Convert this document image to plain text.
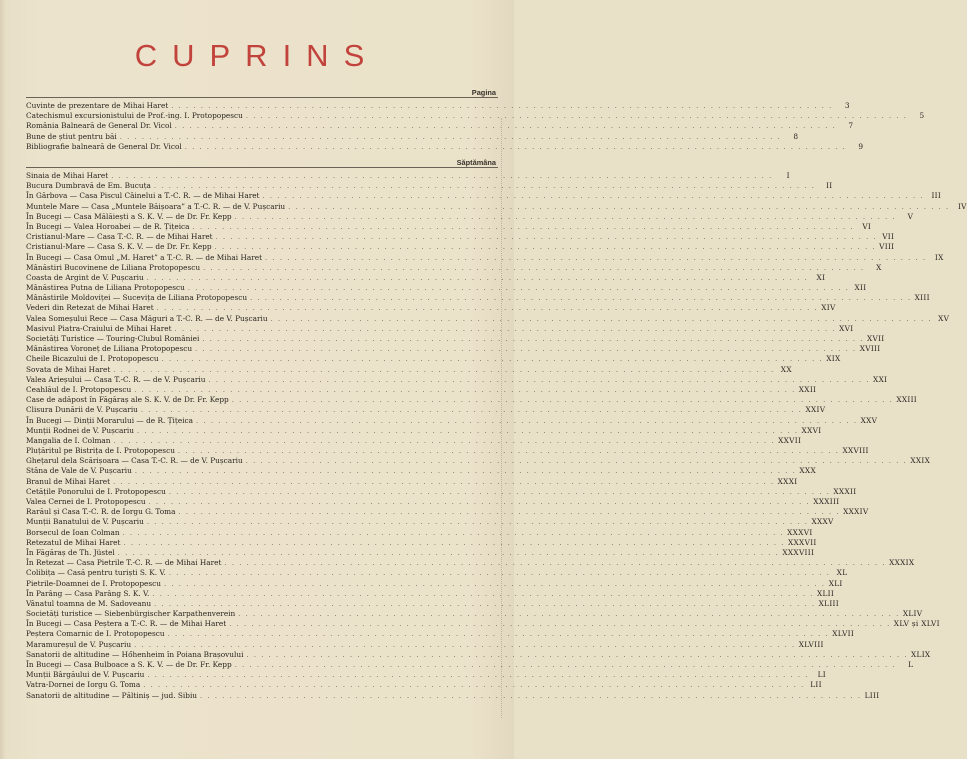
CUPRINS
Pagina
Cuvinte de prezentare de Mihai Haret . . . . . . . . . . . . . . . . . . . . . . . . . . . . . . . . . . . . . . . . . . . . . . . . . . . . . . . . . . . . . . . . . . . . . . . . . . . . . . . . . . . . . . . . . .	3
Catechismul excursionistului de Prof.-ing. I. Protopopescu . . . . . . . . . . . . . . . . . . . . . . . . . . . . . . . . . . . . . . . . . . . . . . . . . . . . . . . . . . . . . . . . . . . . . . . . . . . . . . . . . . . . . . . . . .	5
România Balneară de General Dr. Vicol . . . . . . . . . . . . . . . . . . . . . . . . . . . . . . . . . . . . . . . . . . . . . . . . . . . . . . . . . . . . . . . . . . . . . . . . . . . . . . . . . . . . . . . . . .	7
Bune de știut pentru băi . . . . . . . . . . . . . . . . . . . . . . . . . . . . . . . . . . . . . . . . . . . . . . . . . . . . . . . . . . . . . . . . . . . . . . . . . . . . . . . . . . . . . . . . . .	8
Bibliografie balneară de General Dr. Vicol . . . . . . . . . . . . . . . . . . . . . . . . . . . . . . . . . . . . . . . . . . . . . . . . . . . . . . . . . . . . . . . . . . . . . . . . . . . . . . . . . . . . . . . . . .	9
Săptămâna
Sinaia de Mihai Haret . . . . . . . . . . . . . . . . . . . . . . . . . . . . . . . . . . . . . . . . . . . . . . . . . . . . . . . . . . . . . . . . . . . . . . . . . . . . . . . . . . . . . . . . . .	I
Bucura Dumbravă de Em. Bucuța . . . . . . . . . . . . . . . . . . . . . . . . . . . . . . . . . . . . . . . . . . . . . . . . . . . . . . . . . . . . . . . . . . . . . . . . . . . . . . . . . . . . . . . . . .	II
În Gârbova — Casa Piscul Câinelui a T.-C. R. — de Mihai Haret . . . . . . . . . . . . . . . . . . . . . . . . . . . . . . . . . . . . . . . . . . . . . . . . . . . . . . . . . . . . . . . . . . . . . . . . . . . . . . . . . . . . . . . . . .	III
Muntele Mare — Casa „Muntele Băișoara” a T.-C. R. — de V. Pușcariu . . . . . . . . . . . . . . . . . . . . . . . . . . . . . . . . . . . . . . . . . . . . . . . . . . . . . . . . . . . . . . . . . . . . . . . . . . . . . . . . . . . . . . . . . .	IV
În Bucegi — Casa Mălăiești a S. K. V. — de Dr. Fr. Kepp . . . . . . . . . . . . . . . . . . . . . . . . . . . . . . . . . . . . . . . . . . . . . . . . . . . . . . . . . . . . . . . . . . . . . . . . . . . . . . . . . . . . . . . . . .	V
În Bucegi — Valea Horoabei — de R. Țițeica . . . . . . . . . . . . . . . . . . . . . . . . . . . . . . . . . . . . . . . . . . . . . . . . . . . . . . . . . . . . . . . . . . . . . . . . . . . . . . . . . . . . . . . . . .	VI
Cristianul-Mare — Casa T.-C. R. — de Mihai Haret . . . . . . . . . . . . . . . . . . . . . . . . . . . . . . . . . . . . . . . . . . . . . . . . . . . . . . . . . . . . . . . . . . . . . . . . . . . . . . . . . . . . . . . . . . VII
Cristianul-Mare — Casa S. K. V. — de Dr. Fr. Kepp . . . . . . . . . . . . . . . . . . . . . . . . . . . . . . . . . . . . . . . . . . . . . . . . . . . . . . . . . . . . . . . . . . . . . . . . . . . . . . . . . . . . . . . . . . VIII
În Bucegi — Casa Omul „M. Haret” a T.-C. R. — de Mihai Haret . . . . . . . . . . . . . . . . . . . . . . . . . . . . . . . . . . . . . . . . . . . . . . . . . . . . . . . . . . . . . . . . . . . . . . . . . . . . . . . . . . . . . . . . . .	IX
Mânăstiri Bucovinene de Liliana Protopopescu . . . . . . . . . . . . . . . . . . . . . . . . . . . . . . . . . . . . . . . . . . . . . . . . . . . . . . . . . . . . . . . . . . . . . . . . . . . . . . . . . . . . . . . . . .	X
Coasta de Argint de V. Pușcariu . . . . . . . . . . . . . . . . . . . . . . . . . . . . . . . . . . . . . . . . . . . . . . . . . . . . . . . . . . . . . . . . . . . . . . . . . . . . . . . . . . . . . . . . . .	XI
Mânăstirea Putna de Liliana Protopopescu . . . . . . . . . . . . . . . . . . . . . . . . . . . . . . . . . . . . . . . . . . . . . . . . . . . . . . . . . . . . . . . . . . . . . . . . . . . . . . . . . . . . . . . . . . XII
Mânăstirile Moldoviței — Sucevița de Liliana Protopopescu . . . . . . . . . . . . . . . . . . . . . . . . . . . . . . . . . . . . . . . . . . . . . . . . . . . . . . . . . . . . . . . . . . . . . . . . . . . . . . . . . . . . . . . . . . XIII
Vederi din Retezat de Mihai Haret . . . . . . . . . . . . . . . . . . . . . . . . . . . . . . . . . . . . . . . . . . . . . . . . . . . . . . . . . . . . . . . . . . . . . . . . . . . . . . . . . . . . . . . . . . XIV
Valea Someșului Rece — Casa Măguri a T.-C. R. — de V. Pușcariu . . . . . . . . . . . . . . . . . . . . . . . . . . . . . . . . . . . . . . . . . . . . . . . . . . . . . . . . . . . . . . . . . . . . . . . . . . . . . . . . . . . . . . . . . . XV
Masivul Piatra-Craiului de Mihai Haret . . . . . . . . . . . . . . . . . . . . . . . . . . . . . . . . . . . . . . . . . . . . . . . . . . . . . . . . . . . . . . . . . . . . . . . . . . . . . . . . . . . . . . . . . . XVI
Societăți Turistice — Touring-Clubul României . . . . . . . . . . . . . . . . . . . . . . . . . . . . . . . . . . . . . . . . . . . . . . . . . . . . . . . . . . . . . . . . . . . . . . . . . . . . . . . . . . . . . . . . . . XVII
Mânăstirea Voroneț de Liliana Protopopescu . . . . . . . . . . . . . . . . . . . . . . . . . . . . . . . . . . . . . . . . . . . . . . . . . . . . . . . . . . . . . . . . . . . . . . . . . . . . . . . . . . . . . . . . . . XVIII
Cheile Bicazului de I. Protopopescu . . . . . . . . . . . . . . . . . . . . . . . . . . . . . . . . . . . . . . . . . . . . . . . . . . . . . . . . . . . . . . . . . . . . . . . . . . . . . . . . . . . . . . . . . . XIX
Sovata de Mihai Haret . . . . . . . . . . . . . . . . . . . . . . . . . . . . . . . . . . . . . . . . . . . . . . . . . . . . . . . . . . . . . . . . . . . . . . . . . . . . . . . . . . . . . . . . . . XX
Valea Arieșului — Casa T.-C. R. — de V. Pușcariu . . . . . . . . . . . . . . . . . . . . . . . . . . . . . . . . . . . . . . . . . . . . . . . . . . . . . . . . . . . . . . . . . . . . . . . . . . . . . . . . . . . . . . . . . . XXI
Ceahlăul de I. Protopopescu . . . . . . . . . . . . . . . . . . . . . . . . . . . . . . . . . . . . . . . . . . . . . . . . . . . . . . . . . . . . . . . . . . . . . . . . . . . . . . . . . . . . . . . . . . XXII
Case de adăpost în Făgăraș ale S. K. V. de Dr. Fr. Kepp . . . . . . . . . . . . . . . . . . . . . . . . . . . . . . . . . . . . . . . . . . . . . . . . . . . . . . . . . . . . . . . . . . . . . . . . . . . . . . . . . . . . . . . . . . XXIII
Clisura Dunării de V. Pușcariu . . . . . . . . . . . . . . . . . . . . . . . . . . . . . . . . . . . . . . . . . . . . . . . . . . . . . . . . . . . . . . . . . . . . . . . . . . . . . . . . . . . . . . . . . . XXIV
În Bucegi — Dinții Morarului — de R. Țițeica . . . . . . . . . . . . . . . . . . . . . . . . . . . . . . . . . . . . . . . . . . . . . . . . . . . . . . . . . . . . . . . . . . . . . . . . . . . . . . . . . . . . . . . . . . XXV
Munții Rodnei de V. Pușcariu . . . . . . . . . . . . . . . . . . . . . . . . . . . . . . . . . . . . . . . . . . . . . . . . . . . . . . . . . . . . . . . . . . . . . . . . . . . . . . . . . . . . . . . . . . XXVI
Mangalia de I. Colman . . . . . . . . . . . . . . . . . . . . . . . . . . . . . . . . . . . . . . . . . . . . . . . . . . . . . . . . . . . . . . . . . . . . . . . . . . . . . . . . . . . . . . . . . . XXVII
Pluțăritul pe Bistrița de I. Protopopescu . . . . . . . . . . . . . . . . . . . . . . . . . . . . . . . . . . . . . . . . . . . . . . . . . . . . . . . . . . . . . . . . . . . . . . . . . . . . . . . . . . . . . . . . . . XXVIII
Ghețarul dela Scărișoara — Casa T.-C. R. — de V. Pușcariu . . . . . . . . . . . . . . . . . . . . . . . . . . . . . . . . . . . . . . . . . . . . . . . . . . . . . . . . . . . . . . . . . . . . . . . . . . . . . . . . . . . . . . . . . . XXIX
Stâna de Vale de V. Pușcariu . . . . . . . . . . . . . . . . . . . . . . . . . . . . . . . . . . . . . . . . . . . . . . . . . . . . . . . . . . . . . . . . . . . . . . . . . . . . . . . . . . . . . . . . . . XXX
Branul de Mihai Haret . . . . . . . . . . . . . . . . . . . . . . . . . . . . . . . . . . . . . . . . . . . . . . . . . . . . . . . . . . . . . . . . . . . . . . . . . . . . . . . . . . . . . . . . . . XXXI
Cetățile Ponorului de I. Protopopescu . . . . . . . . . . . . . . . . . . . . . . . . . . . . . . . . . . . . . . . . . . . . . . . . . . . . . . . . . . . . . . . . . . . . . . . . . . . . . . . . . . . . . . . . . . XXXII
Valea Cernei de I. Protopopescu . . . . . . . . . . . . . . . . . . . . . . . . . . . . . . . . . . . . . . . . . . . . . . . . . . . . . . . . . . . . . . . . . . . . . . . . . . . . . . . . . . . . . . . . . . XXXIII
Rarăul și Casa T.-C. R. de Iorgu G. Toma . . . . . . . . . . . . . . . . . . . . . . . . . . . . . . . . . . . . . . . . . . . . . . . . . . . . . . . . . . . . . . . . . . . . . . . . . . . . . . . . . . . . . . . . . . XXXIV
Munții Banatului de V. Pușcariu . . . . . . . . . . . . . . . . . . . . . . . . . . . . . . . . . . . . . . . . . . . . . . . . . . . . . . . . . . . . . . . . . . . . . . . . . . . . . . . . . . . . . . . . . . XXXV
Borsecul de Ioan Colman . . . . . . . . . . . . . . . . . . . . . . . . . . . . . . . . . . . . . . . . . . . . . . . . . . . . . . . . . . . . . . . . . . . . . . . . . . . . . . . . . . . . . . . . . . XXXVI
Retezatul de Mihai Haret . . . . . . . . . . . . . . . . . . . . . . . . . . . . . . . . . . . . . . . . . . . . . . . . . . . . . . . . . . . . . . . . . . . . . . . . . . . . . . . . . . . . . . . . . . XXXVII
În Făgăraș de Th. Jüstel . . . . . . . . . . . . . . . . . . . . . . . . . . . . . . . . . . . . . . . . . . . . . . . . . . . . . . . . . . . . . . . . . . . . . . . . . . . . . . . . . . . . . . . . . . XXXVIII
În Retezat — Casa Pietrile T.-C. R. — de Mihai Haret . . . . . . . . . . . . . . . . . . . . . . . . . . . . . . . . . . . . . . . . . . . . . . . . . . . . . . . . . . . . . . . . . . . . . . . . . . . . . . . . . . . . . . . . . . XXXIX
Colibița — Casă pentru turiști S. K. V. . . . . . . . . . . . . . . . . . . . . . . . . . . . . . . . . . . . . . . . . . . . . . . . . . . . . . . . . . . . . . . . . . . . . . . . . . . . . . . . . . . . . . . . . . . XL
Pietrile-Doamnei de I. Protopopescu . . . . . . . . . . . . . . . . . . . . . . . . . . . . . . . . . . . . . . . . . . . . . . . . . . . . . . . . . . . . . . . . . . . . . . . . . . . . . . . . . . . . . . . . . . XLI
În Parâng — Casa Parâng S. K. V. . . . . . . . . . . . . . . . . . . . . . . . . . . . . . . . . . . . . . . . . . . . . . . . . . . . . . . . . . . . . . . . . . . . . . . . . . . . . . . . . . . . . . . . . . . XLII
Vânatul toamna de M. Sadoveanu . . . . . . . . . . . . . . . . . . . . . . . . . . . . . . . . . . . . . . . . . . . . . . . . . . . . . . . . . . . . . . . . . . . . . . . . . . . . . . . . . . . . . . . . . . XLIII
Societăți turistice — Siebenbürgischer Karpathenverein . . . . . . . . . . . . . . . . . . . . . . . . . . . . . . . . . . . . . . . . . . . . . . . . . . . . . . . . . . . . . . . . . . . . . . . . . . . . . . . . . . . . . . . . . . XLIV
În Bucegi — Casa Peștera a T.-C. R. — de Mihai Haret . . . . . . . . . . . . . . . . . . . . . . . . . . . . . . . . . . . . . . . . . . . . . . . . . . . . . . . . . . . . . . . . . . . . . . . . . . . . . . . . . . . . . . . . . . XLV și XLVI
Peștera Comarnic de I. Protopopescu . . . . . . . . . . . . . . . . . . . . . . . . . . . . . . . . . . . . . . . . . . . . . . . . . . . . . . . . . . . . . . . . . . . . . . . . . . . . . . . . . . . . . . . . . . XLVII
Maramureșul de V. Pușcariu . . . . . . . . . . . . . . . . . . . . . . . . . . . . . . . . . . . . . . . . . . . . . . . . . . . . . . . . . . . . . . . . . . . . . . . . . . . . . . . . . . . . . . . . . . XLVIII
Sanatorii de altitudine — Hőhenheim în Poiana Brașovului . . . . . . . . . . . . . . . . . . . . . . . . . . . . . . . . . . . . . . . . . . . . . . . . . . . . . . . . . . . . . . . . . . . . . . . . . . . . . . . . . . . . . . . . . . XLIX
În Bucegi — Casa Bulboace a S. K. V. — de Dr. Fr. Kepp . . . . . . . . . . . . . . . . . . . . . . . . . . . . . . . . . . . . . . . . . . . . . . . . . . . . . . . . . . . . . . . . . . . . . . . . . . . . . . . . . . . . . . . . . .	L
Munții Bârgăului de V. Pușcariu . . . . . . . . . . . . . . . . . . . . . . . . . . . . . . . . . . . . . . . . . . . . . . . . . . . . . . . . . . . . . . . . . . . . . . . . . . . . . . . . . . . . . . . . . .	LI
Vatra-Dornei de Iorgu G. Toma . . . . . . . . . . . . . . . . . . . . . . . . . . . . . . . . . . . . . . . . . . . . . . . . . . . . . . . . . . . . . . . . . . . . . . . . . . . . . . . . . . . . . . . . . . LII
Sanatorii de altitudine — Păltiniș — jud. Sibiu . . . . . . . . . . . . . . . . . . . . . . . . . . . . . . . . . . . . . . . . . . . . . . . . . . . . . . . . . . . . . . . . . . . . . . . . . . . . . . . . . . . . . . . . . . LIII
